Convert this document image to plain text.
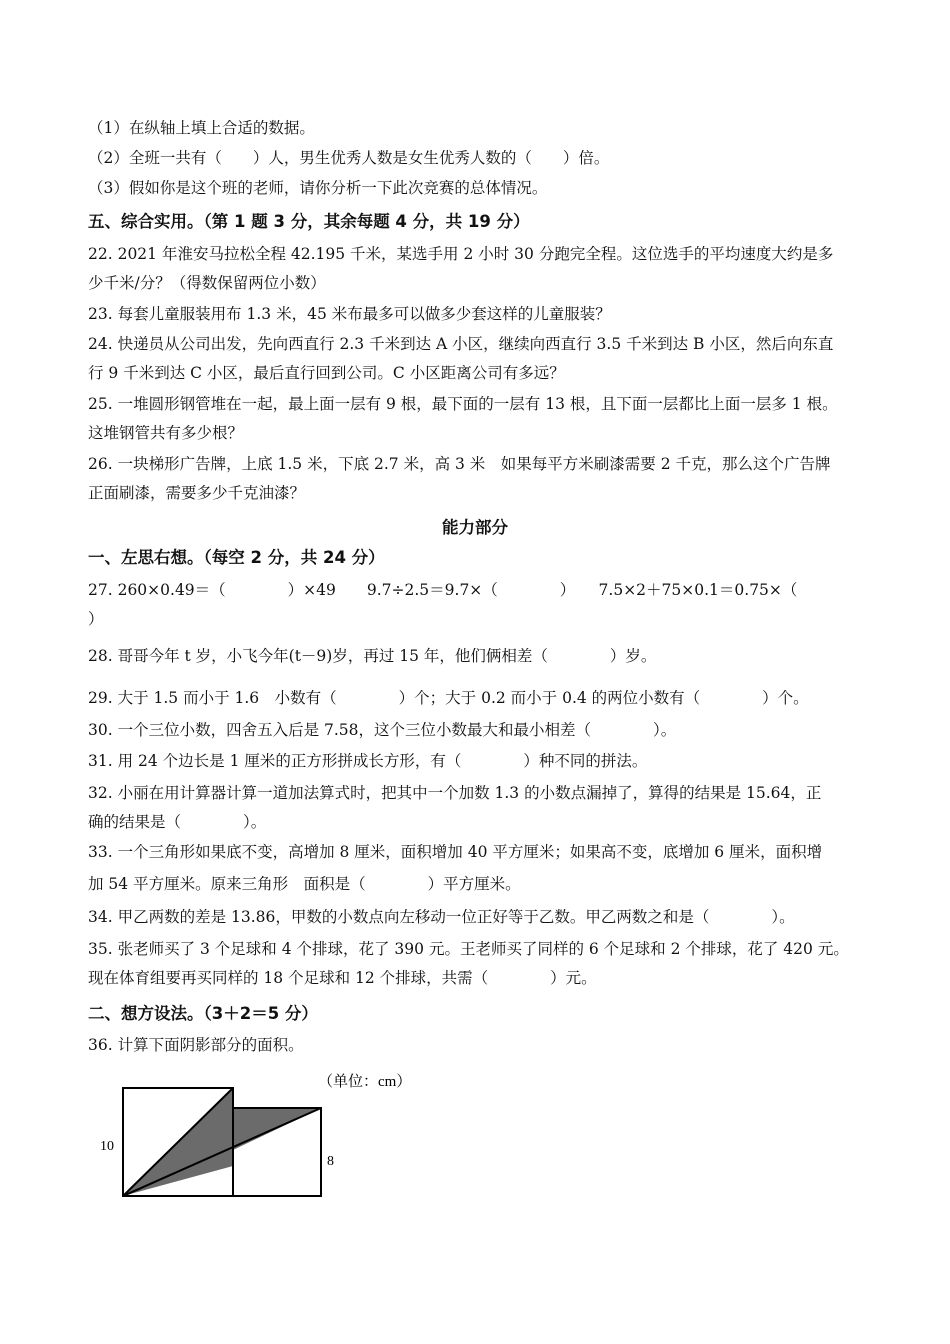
（1）在纵轴上填上合适的数据。
（2）全班一共有（　　）人，男生优秀人数是女生优秀人数的（　　）倍。
（3）假如你是这个班的老师，请你分析一下此次竞赛的总体情况。
五、综合实用。（第 1 题 3 分，其余每题 4 分，共 19 分）
22. 2021 年淮安马拉松全程 42.195 千米，某选手用 2 小时 30 分跑完全程。这位选手的平均速度大约是多
少千米/分？（得数保留两位小数）
23. 每套儿童服装用布 1.3 米，45 米布最多可以做多少套这样的儿童服装？
24. 快递员从公司出发，先向西直行 2.3 千米到达 A 小区，继续向西直行 3.5 千米到达 B 小区，然后向东直
行 9 千米到达 C 小区，最后直行回到公司。C 小区距离公司有多远？
25. 一堆圆形钢管堆在一起，最上面一层有 9 根，最下面的一层有 13 根，且下面一层都比上面一层多 1 根。
这堆钢管共有多少根？
26. 一块梯形广告牌，上底 1.5 米，下底 2.7 米，高 3 米　如果每平方米刷漆需要 2 千克，那么这个广告牌
正面刷漆，需要多少千克油漆？
能力部分
一、左思右想。（每空 2 分，共 24 分）
27. 260×0.49＝（　　　　）×49　　9.7÷2.5＝9.7×（　　　　）　　7.5×2＋75×0.1＝0.75×（
）
28. 哥哥今年 t 岁，小飞今年(t－9)岁，再过 15 年，他们俩相差（　　　　）岁。
29. 大于 1.5 而小于 1.6　小数有（　　　　）个；大于 0.2 而小于 0.4 的两位小数有（　　　　）个。
30. 一个三位小数，四舍五入后是 7.58，这个三位小数最大和最小相差（　　　　）。
31. 用 24 个边长是 1 厘米的正方形拼成长方形，有（　　　　）种不同的拼法。
32. 小丽在用计算器计算一道加法算式时，把其中一个加数 1.3 的小数点漏掉了，算得的结果是 15.64，正
确的结果是（　　　　）。
33. 一个三角形如果底不变，高增加 8 厘米，面积增加 40 平方厘米；如果高不变，底增加 6 厘米，面积增
加 54 平方厘米。原来三角形　面积是（　　　　）平方厘米。
34. 甲乙两数的差是 13.86，甲数的小数点向左移动一位正好等于乙数。甲乙两数之和是（　　　　）。
35. 张老师买了 3 个足球和 4 个排球，花了 390 元。王老师买了同样的 6 个足球和 2 个排球，花了 420 元。
现在体育组要再买同样的 18 个足球和 12 个排球，共需（　　　　）元。
二、想方设法。（3＋2＝5 分）
36. 计算下面阴影部分的面积。
（单位：cm）
10
8
